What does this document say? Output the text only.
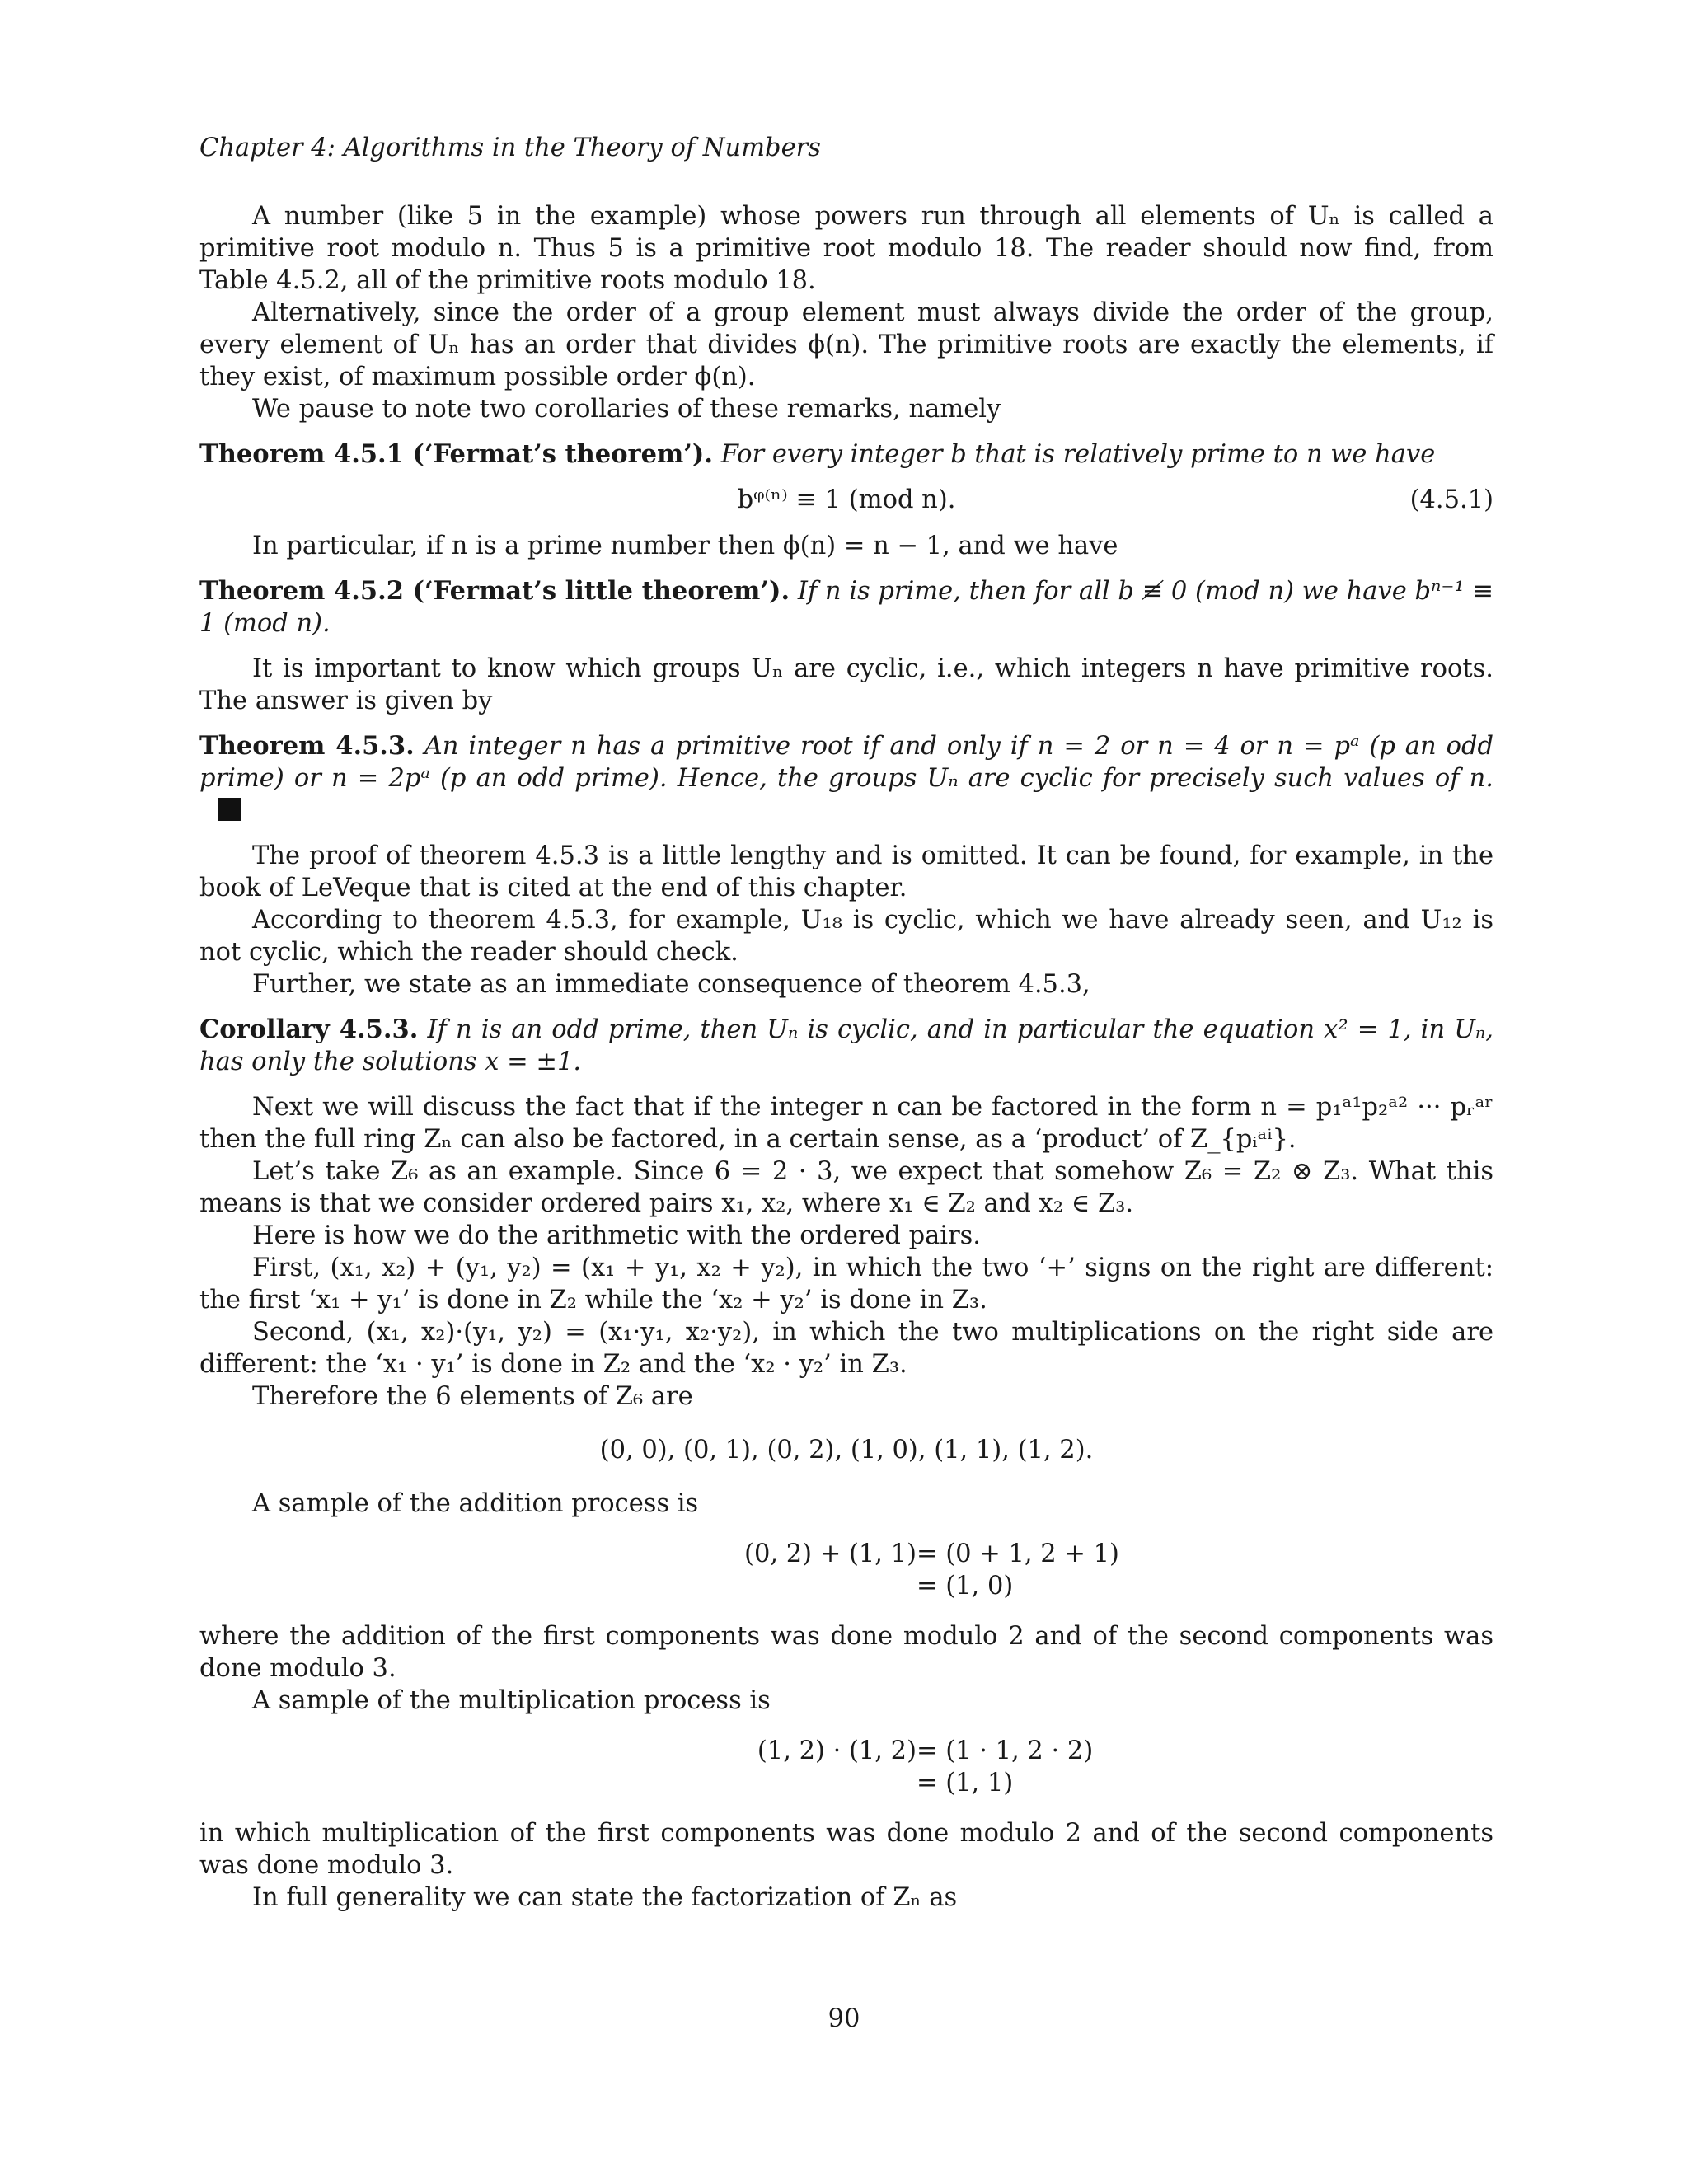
Chapter 4: Algorithms in the Theory of Numbers

A number (like 5 in the example) whose powers run through all elements of Uₙ is called a primitive root modulo n. Thus 5 is a primitive root modulo 18. The reader should now find, from Table 4.5.2, all of the primitive roots modulo 18.

Alternatively, since the order of a group element must always divide the order of the group, every element of Uₙ has an order that divides ϕ(n). The primitive roots are exactly the elements, if they exist, of maximum possible order ϕ(n).

We pause to note two corollaries of these remarks, namely

Theorem 4.5.1 (‘Fermat’s theorem’). For every integer b that is relatively prime to n we have

bᵠ⁽ⁿ⁾ ≡ 1 (mod n).	(4.5.1)

In particular, if n is a prime number then ϕ(n) = n − 1, and we have

Theorem 4.5.2 (‘Fermat’s little theorem’). If n is prime, then for all b ≢ 0 (mod n) we have bⁿ⁻¹ ≡ 1 (mod n).

It is important to know which groups Uₙ are cyclic, i.e., which integers n have primitive roots. The answer is given by

Theorem 4.5.3. An integer n has a primitive root if and only if n = 2 or n = 4 or n = pᵃ (p an odd prime) or n = 2pᵃ (p an odd prime). Hence, the groups Uₙ are cyclic for precisely such values of n.

The proof of theorem 4.5.3 is a little lengthy and is omitted. It can be found, for example, in the book of LeVeque that is cited at the end of this chapter.

According to theorem 4.5.3, for example, U₁₈ is cyclic, which we have already seen, and U₁₂ is not cyclic, which the reader should check.

Further, we state as an immediate consequence of theorem 4.5.3,

Corollary 4.5.3. If n is an odd prime, then Uₙ is cyclic, and in particular the equation x² = 1, in Uₙ, has only the solutions x = ±1.

Next we will discuss the fact that if the integer n can be factored in the form n = p₁ᵃ¹p₂ᵃ² ··· pᵣᵃʳ then the full ring Zₙ can also be factored, in a certain sense, as a ‘product’ of Z_{pᵢᵃⁱ}.

Let’s take Z₆ as an example. Since 6 = 2 · 3, we expect that somehow Z₆ = Z₂ ⊗ Z₃. What this means is that we consider ordered pairs x₁, x₂, where x₁ ∈ Z₂ and x₂ ∈ Z₃.

Here is how we do the arithmetic with the ordered pairs.

First, (x₁, x₂) + (y₁, y₂) = (x₁ + y₁, x₂ + y₂), in which the two ‘+’ signs on the right are different: the first ‘x₁ + y₁’ is done in Z₂ while the ‘x₂ + y₂’ is done in Z₃.

Second, (x₁, x₂)·(y₁, y₂) = (x₁·y₁, x₂·y₂), in which the two multiplications on the right side are different: the ‘x₁ · y₁’ is done in Z₂ and the ‘x₂ · y₂’ in Z₃.

Therefore the 6 elements of Z₆ are

(0, 0), (0, 1), (0, 2), (1, 0), (1, 1), (1, 2).

A sample of the addition process is

(0, 2) + (1, 1) = (0 + 1, 2 + 1)
= (1, 0)

where the addition of the first components was done modulo 2 and of the second components was done modulo 3.

A sample of the multiplication process is

(1, 2) · (1, 2) = (1 · 1, 2 · 2)
= (1, 1)

in which multiplication of the first components was done modulo 2 and of the second components was done modulo 3.

In full generality we can state the factorization of Zₙ as

90
